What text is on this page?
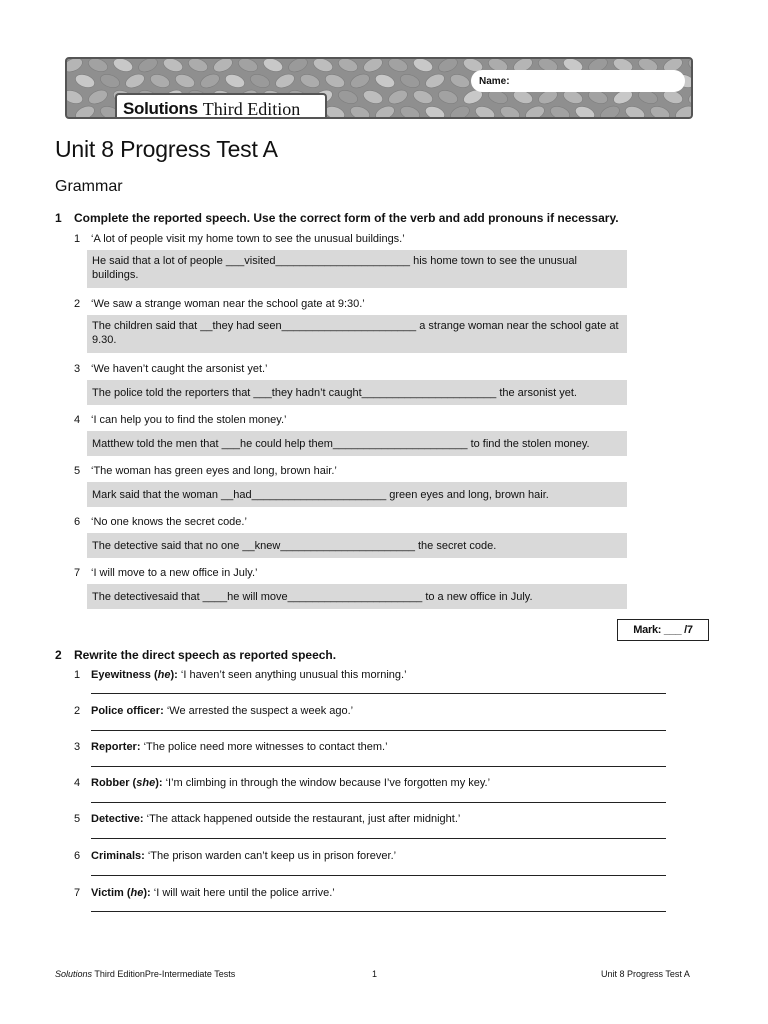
Name:
Solutions Third Edition
Unit 8 Progress Test A
Grammar
1 Complete the reported speech. Use the correct form of the verb and add pronouns if necessary.
1 ‘A lot of people visit my home town to see the unusual buildings.’
He said that a lot of people ___visited______________________ his home town to see the unusual buildings.
2 ‘We saw a strange woman near the school gate at 9:30.’
The children said that __they had seen______________________ a strange woman near the school gate at 9.30.
3 ‘We haven’t caught the arsonist yet.’
The police told the reporters that ___they hadn’t caught______________________ the arsonist yet.
4 ‘I can help you to find the stolen money.’
Matthew told the men that ___he could help them______________________ to find the stolen money.
5 ‘The woman has green eyes and long, brown hair.’
Mark said that the woman __had______________________ green eyes and long, brown hair.
6 ‘No one knows the secret code.’
The detective said that no one __knew______________________ the secret code.
7 ‘I will move to a new office in July.’
The detectivesaid that ____he will move______________________ to a new office in July.
Mark: ___ /7
2 Rewrite the direct speech as reported speech.
1 Eyewitness (he): ‘I haven’t seen anything unusual this morning.’
2 Police officer: ‘We arrested the suspect a week ago.’
3 Reporter: ‘The police need more witnesses to contact them.’
4 Robber (she): ‘I’m climbing in through the window because I’ve forgotten my key.’
5 Detective: ‘The attack happened outside the restaurant, just after midnight.’
6 Criminals: ‘The prison warden can’t keep us in prison forever.’
7 Victim (he): ‘I will wait here until the police arrive.’
Solutions Third EditionPre-Intermediate Tests	1	Unit 8 Progress Test A
